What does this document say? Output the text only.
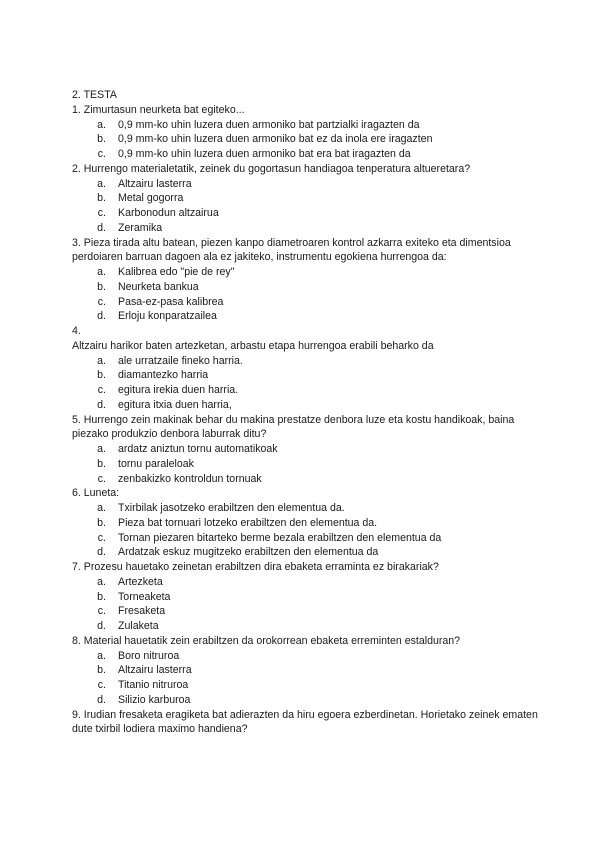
2. TESTA
1. Zimurtasun neurketa bat egiteko...
a.	0,9 mm-ko uhin luzera duen armoniko bat partzialki iragazten da
b.	0,9 mm-ko uhin luzera duen armoniko bat ez da inola ere iragazten
c.	0,9 mm-ko uhin luzera duen armoniko bat era bat iragazten da
2. Hurrengo materialetatik, zeinek du gogortasun handiagoa tenperatura altueretara?
a.	Altzairu lasterra
b.	Metal gogorra
c.	Karbonodun altzairua
d.	Zeramika
3. Pieza tirada altu batean, piezen kanpo diametroaren kontrol azkarra exiteko eta dimentsioa perdoiaren barruan dagoen ala ez jakiteko, instrumentu egokiena hurrengoa da:
a.	Kalibrea edo "pie de rey"
b.	Neurketa bankua
c.	Pasa-ez-pasa kalibrea
d.	Erloju konparatzailea
4.
Altzairu harikor baten artezketan, arbastu etapa hurrengoa erabili beharko da
a.	ale urratzaile fineko harria.
b.	diamantezko harria
c.	egitura irekia duen harria.
d.	egitura itxia duen harria,
5. Hurrengo zein makinak behar du makina prestatze denbora luze eta kostu handikoak, baina piezako produkzio denbora laburrak ditu?
a.	ardatz aniztun tornu automatikoak
b.	tornu paraleloak
c.	zenbakizko kontroldun tornuak
6. Luneta:
a.	Txirbilak jasotzeko erabiltzen den elementua da.
b.	Pieza bat tornuari lotzeko erabiltzen den elementua da.
c.	Tornan piezaren bitarteko berme bezala erabiltzen den elementua da
d.	Ardatzak eskuz mugitzeko erabiltzen den elementua da
7. Prozesu hauetako zeinetan erabiltzen dira ebaketa erraminta ez birakariak?
a.	Artezketa
b.	Torneaketa
c.	Fresaketa
d.	Zulaketa
8. Material hauetatik zein erabiltzen da orokorrean ebaketa erreminten estalduran?
a.	Boro nitruroa
b.	Altzairu lasterra
c.	Titanio nitruroa
d.	Silizio karburoa
9. Irudian fresaketa eragiketa bat adierazten da hiru egoera ezberdinetan. Horietako zeinek ematen dute txirbil lodiera maximo handiena?
